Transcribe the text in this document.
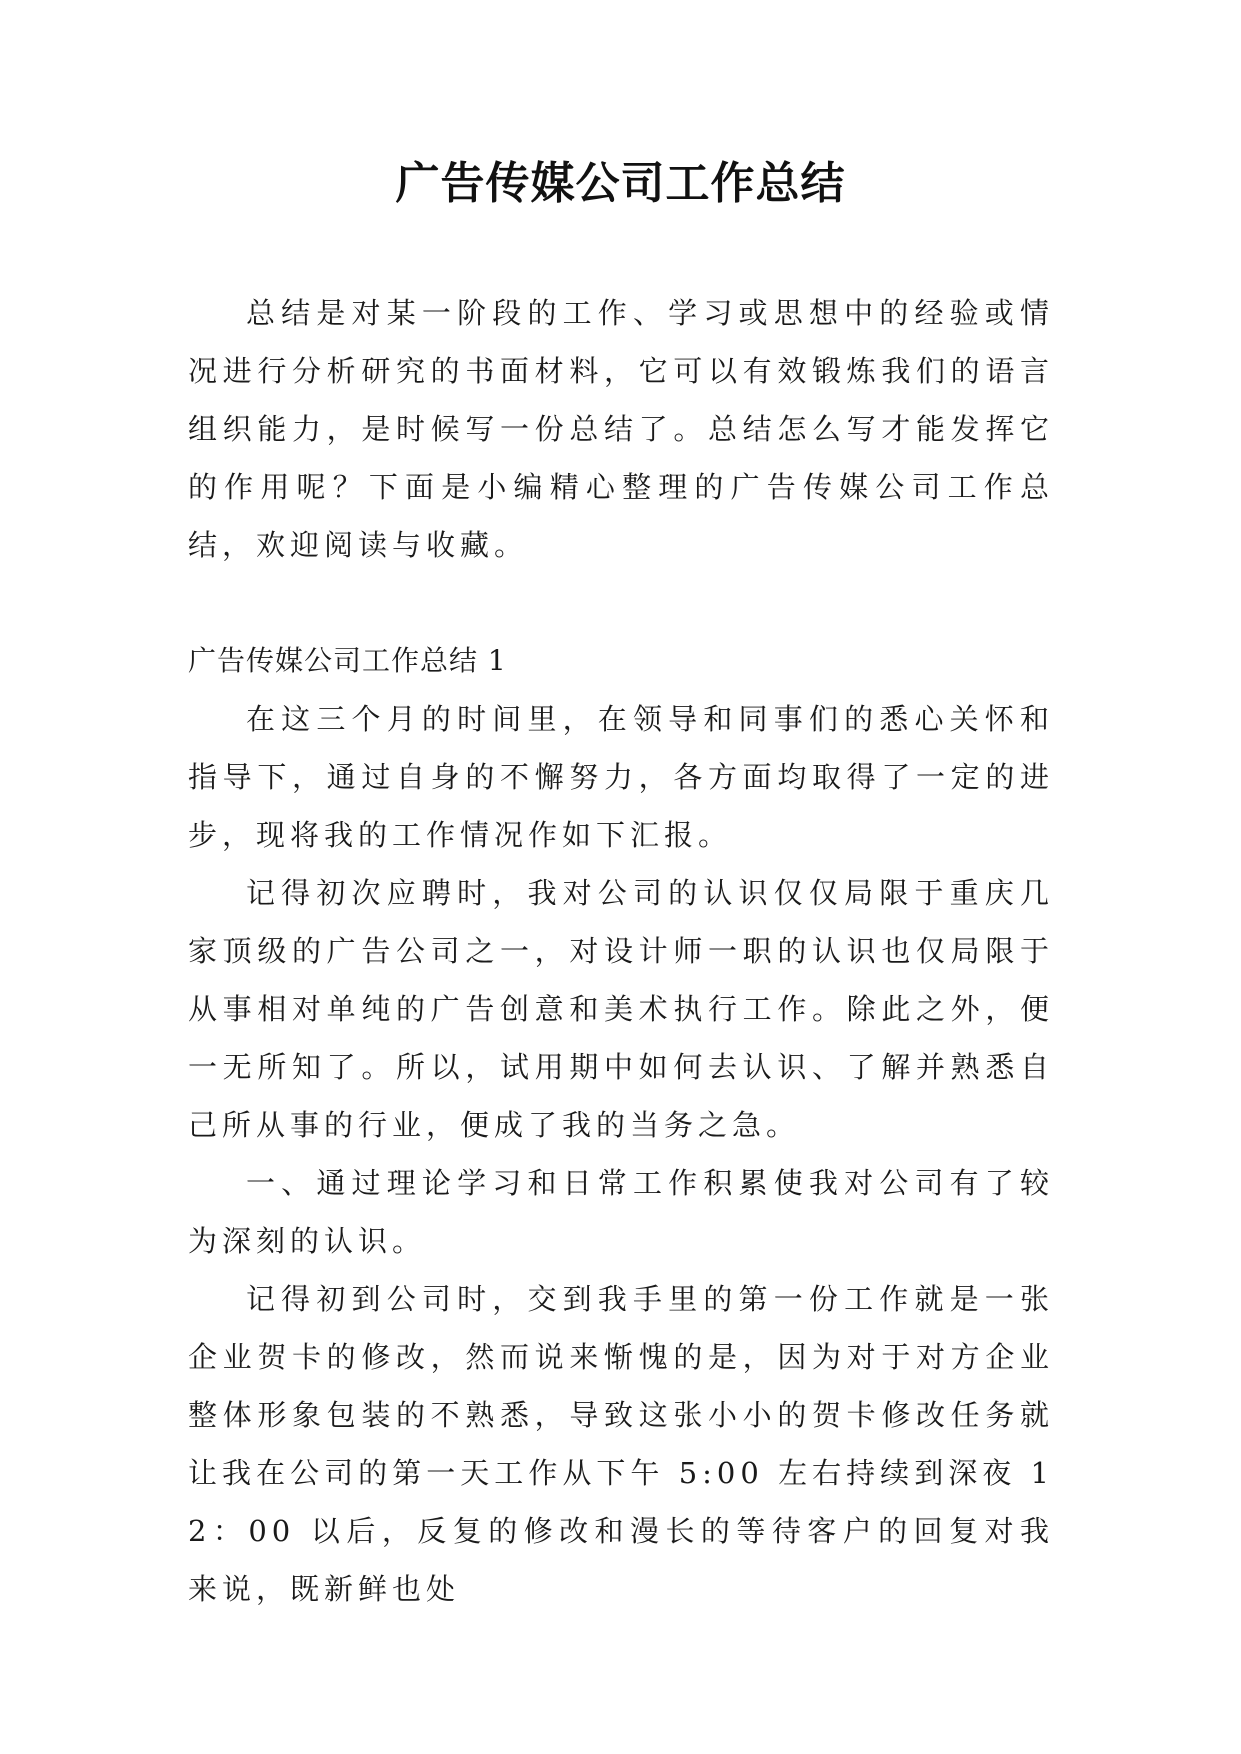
广告传媒公司工作总结

总结是对某一阶段的工作、学习或思想中的经验或情况进行分析研究的书面材料，它可以有效锻炼我们的语言组织能力，是时候写一份总结了。总结怎么写才能发挥它的作用呢？下面是小编精心整理的广告传媒公司工作总结，欢迎阅读与收藏。

广告传媒公司工作总结 1

在这三个月的时间里，在领导和同事们的悉心关怀和指导下，通过自身的不懈努力，各方面均取得了一定的进步，现将我的工作情况作如下汇报。

记得初次应聘时，我对公司的认识仅仅局限于重庆几家顶级的广告公司之一，对设计师一职的认识也仅局限于从事相对单纯的广告创意和美术执行工作。除此之外，便一无所知了。所以，试用期中如何去认识、了解并熟悉自己所从事的行业，便成了我的当务之急。

一、通过理论学习和日常工作积累使我对公司有了较为深刻的认识。

记得初到公司时，交到我手里的第一份工作就是一张企业贺卡的修改，然而说来惭愧的是，因为对于对方企业整体形象包装的不熟悉，导致这张小小的贺卡修改任务就让我在公司的第一天工作从下午 5:00 左右持续到深夜 12：00 以后，反复的修改和漫长的等待客户的回复对我来说，既新鲜也处
